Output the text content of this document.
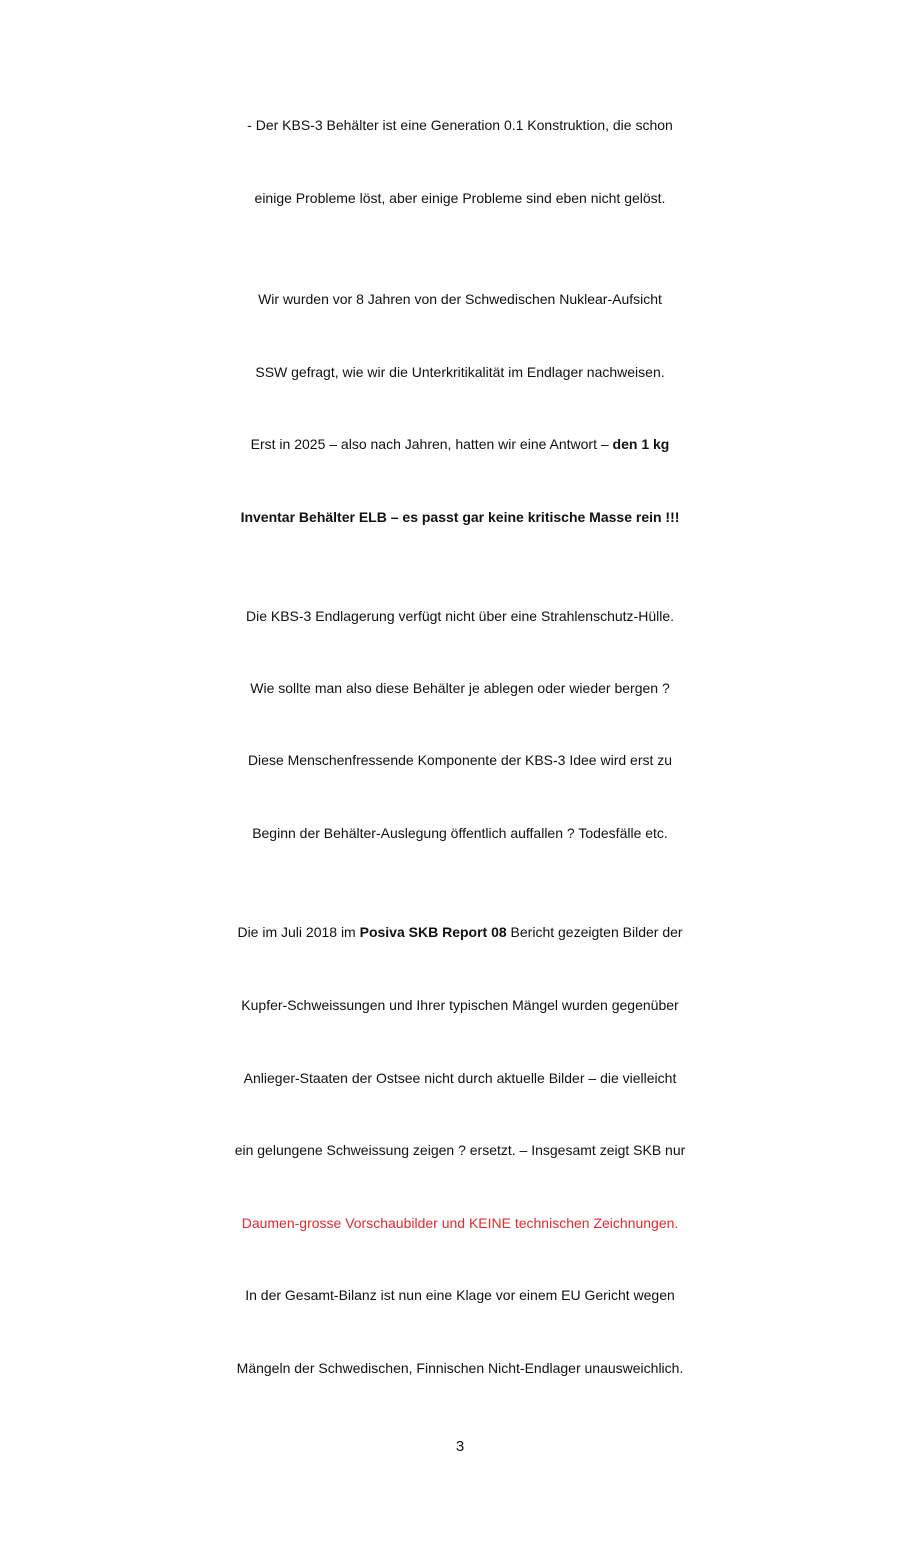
- Der KBS-3 Behälter ist eine Generation 0.1 Konstruktion, die schon
einige Probleme löst, aber einige Probleme sind eben nicht gelöst.
Wir wurden vor 8 Jahren von der Schwedischen Nuklear-Aufsicht
SSW gefragt, wie wir die Unterkritikalität im Endlager nachweisen.
Erst in 2025 – also nach Jahren, hatten wir eine Antwort – den 1 kg
Inventar Behälter ELB – es passt gar keine kritische Masse rein !!!
Die KBS-3 Endlagerung verfügt nicht über eine Strahlenschutz-Hülle.
Wie sollte man also diese Behälter je ablegen oder wieder bergen ?
Diese Menschenfressende Komponente der KBS-3 Idee wird erst zu
Beginn der Behälter-Auslegung öffentlich auffallen ? Todesfälle etc.
Die im Juli 2018 im Posiva SKB Report 08 Bericht gezeigten Bilder der
Kupfer-Schweissungen und Ihrer typischen Mängel wurden gegenüber
Anlieger-Staaten der Ostsee nicht durch aktuelle Bilder – die vielleicht
ein gelungene Schweissung zeigen ? ersetzt. – Insgesamt zeigt SKB nur
Daumen-grosse Vorschaubilder und KEINE technischen Zeichnungen.
In der Gesamt-Bilanz ist nun eine Klage vor einem EU Gericht wegen
Mängeln der Schwedischen, Finnischen Nicht-Endlager unausweichlich.
3
